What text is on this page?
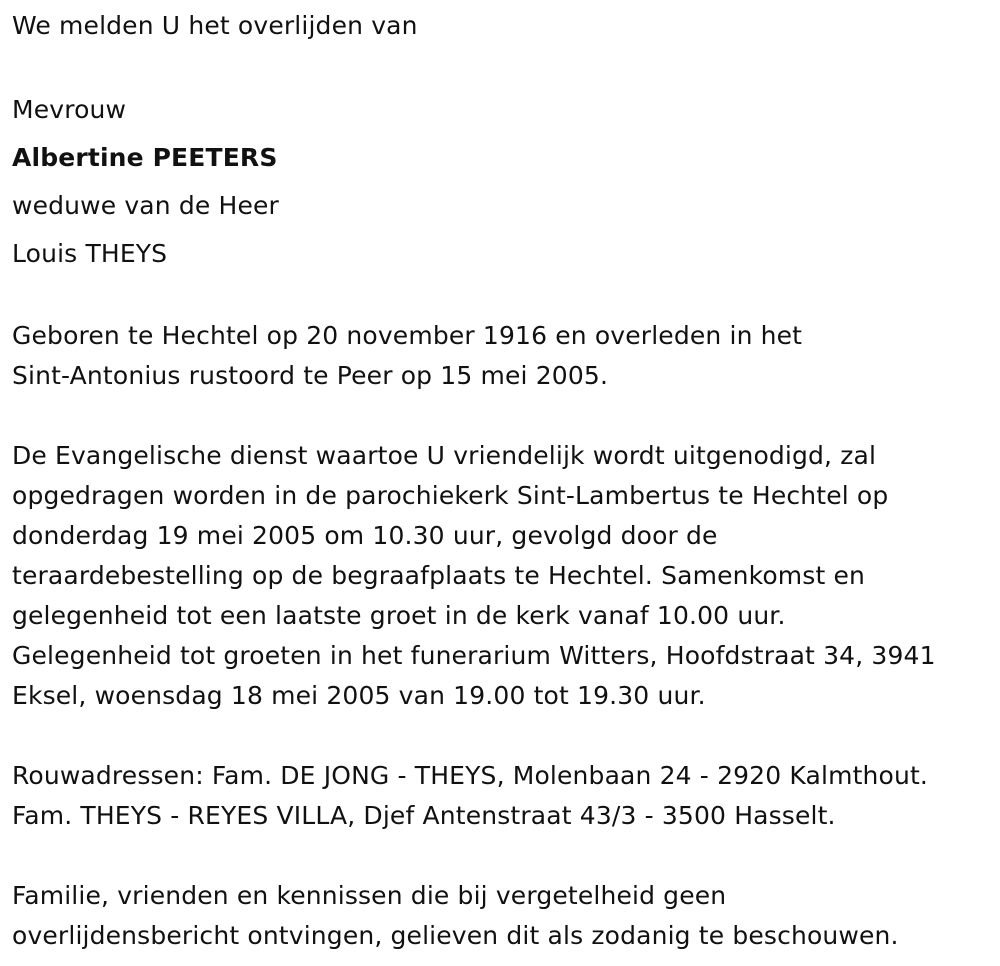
We melden U het overlijden van
Mevrouw
Albertine PEETERS
weduwe van de Heer
Louis THEYS
Geboren te Hechtel op 20 november 1916 en overleden in het
Sint-Antonius rustoord te Peer op 15 mei 2005.
De Evangelische dienst waartoe U vriendelijk wordt uitgenodigd, zal
opgedragen worden in de parochiekerk Sint-Lambertus te Hechtel op
donderdag 19 mei 2005 om 10.30 uur, gevolgd door de
teraardebestelling op de begraafplaats te Hechtel. Samenkomst en
gelegenheid tot een laatste groet in de kerk vanaf 10.00 uur.
Gelegenheid tot groeten in het funerarium Witters, Hoofdstraat 34, 3941
Eksel, woensdag 18 mei 2005 van 19.00 tot 19.30 uur.
Rouwadressen: Fam. DE JONG - THEYS, Molenbaan 24 - 2920 Kalmthout.
Fam. THEYS - REYES VILLA, Djef Antenstraat 43/3 - 3500 Hasselt.
Familie, vrienden en kennissen die bij vergetelheid geen
overlijdensbericht ontvingen, gelieven dit als zodanig te beschouwen.
